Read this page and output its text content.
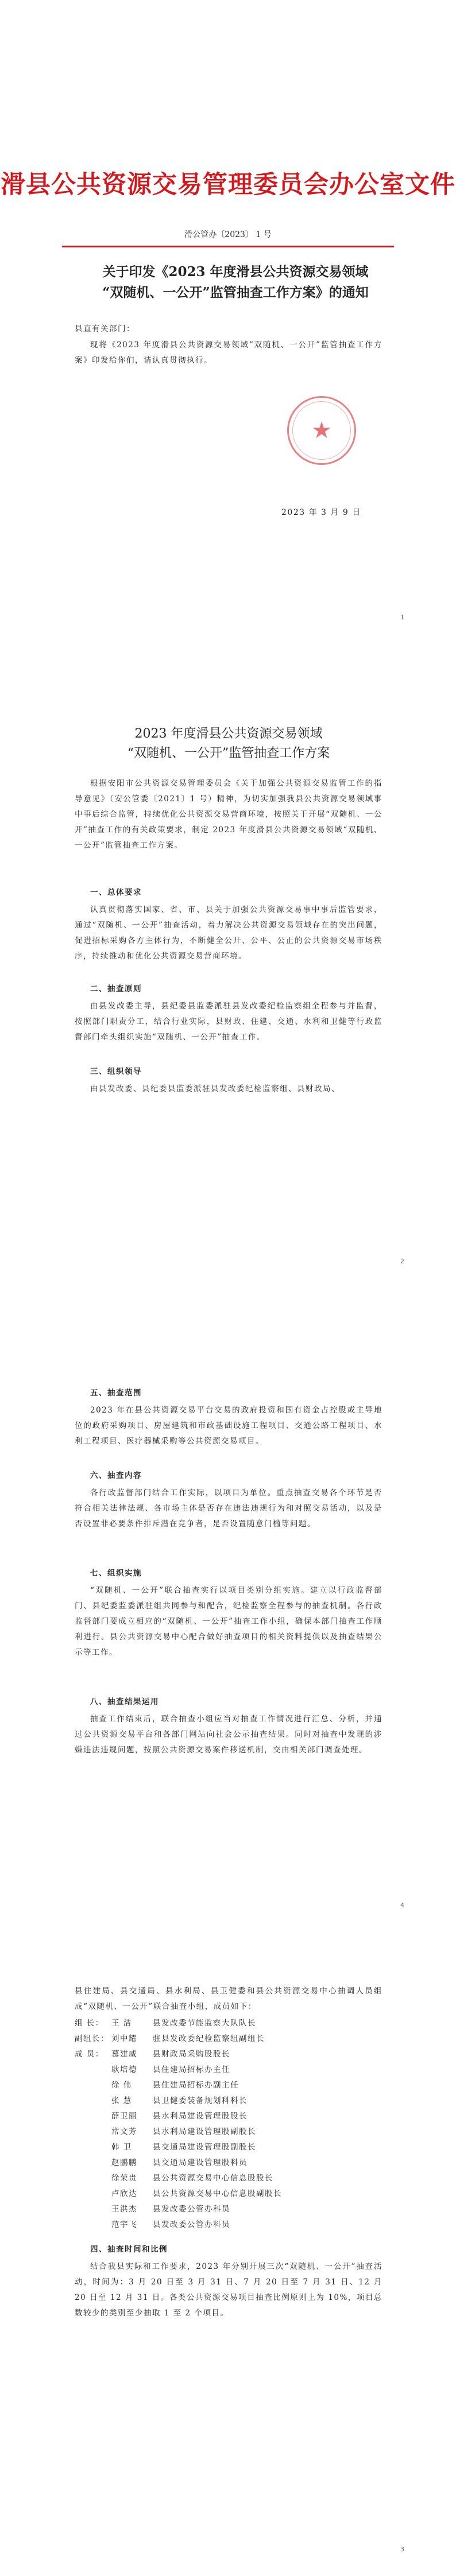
滑县公共资源交易管理委员会办公室文件
滑公管办〔2023〕 1 号
关于印发《2023 年度滑县公共资源交易领域
“双随机、一公开”监管抽查工作方案》的通知
县直有关部门：
现将《2023 年度滑县公共资源交易领域“双随机、一公开”监管抽查工作方案》印发给你们，请认真贯彻执行。
★
2023 年 3 月 9 日
1
2023 年度滑县公共资源交易领域
“双随机、一公开”监管抽查工作方案
根据安阳市公共资源交易管理委员会《关于加强公共资源交易监管工作的指导意见》（安公管委〔2021〕1 号）精神，为切实加强我县公共资源交易领域事中事后综合监管，持续优化公共资源交易营商环境，按照关于开展“双随机、一公开”抽查工作的有关政策要求，制定 2023 年度滑县公共资源交易领域“双随机、一公开”监管抽查工作方案。
一、总体要求
认真贯彻落实国家、省、市、县关于加强公共资源交易事中事后监管要求，通过“双随机、一公开”抽查活动，着力解决公共资源交易领域存在的突出问题，促进招标采购各方主体行为，不断健全公开、公平、公正的公共资源交易市场秩序，持续推动和优化公共资源交易营商环境。
二、抽查原则
由县发改委主导，县纪委县监委派驻县发改委纪检监察组全程参与并监督，按照部门职责分工，结合行业实际，县财政、住建、交通、水利和卫健等行政监督部门牵头组织实施“双随机、一公开”抽查工作。
三、组织领导
由县发改委、县纪委县监委派驻县发改委纪检监察组、县财政局、
2
五、抽查范围
2023 年在县公共资源交易平台交易的政府投资和国有资金占控股或主导地位的政府采购项目、房屋建筑和市政基础设施工程项目、交通公路工程项目、水利工程项目、医疗器械采购等公共资源交易项目。
六、抽查内容
各行政监督部门结合工作实际，以项目为单位。重点抽查交易各个环节是否符合相关法律法规、各市场主体是否存在违法违规行为和对照交易活动，以及是否设置非必要条件排斥潜在竞争者，是否设置随意门槛等问题。
七、组织实施
“双随机、一公开”联合抽查实行以项目类别分组实施。建立以行政监督部门、县纪委监委派驻组共同参与和配合，纪检监察全程参与的抽查机制。各行政监督部门要成立相应的“双随机、一公开”抽查工作小组，确保本部门抽查工作顺利进行。县公共资源交易中心配合做好抽查项目的相关资料提供以及抽查结果公示等工作。
八、抽查结果运用
抽查工作结束后，联合抽查小组应当对抽查工作情况进行汇总、分析，并通过公共资源交易平台和各部门网站向社会公示抽查结果。同时对抽查中发现的涉嫌违法违规问题，按照公共资源交易案件移送机制，交由相关部门调查处理。
4
县住建局、县交通局、县水利局、县卫健委和县公共资源交易中心抽调人员组成“双随机、一公开”联合抽查小组，成员如下：
组 长： 王 洁	县发改委节能监察大队队长
副组长： 刘中耀	驻县发改委纪检监察组副组长
成 员： 慕建威	县财政局采购股股长
耿培德	县住建局招标办主任
徐 伟	县住建局招标办副主任
张 慧	县卫健委装备规划科科长
薛卫丽	县水利局建设管理股股长
常文芳	县水利局建设管理股副股长
韩 卫	县交通局建设管理股副股长
赵鹏鹏	县交通局建设管理股科员
徐荣贵	县公共资源交易中心信息股股长
卢欣达	县公共资源交易中心信息股副股长
王洪杰	县发改委公管办科员
范宇飞	县发改委公管办科员
四、抽查时间和比例
结合我县实际和工作要求，2023 年分别开展三次“双随机、一公开”抽查活动，时间为：3 月 20 日至 3 月 31 日、7 月 20 日至 7 月 31 日、12 月 20 日至 12 月 31 日。各类公共资源交易项目抽查比例原则上为 10%，项目总数较少的类别至少抽取 1 至 2 个项目。
3
